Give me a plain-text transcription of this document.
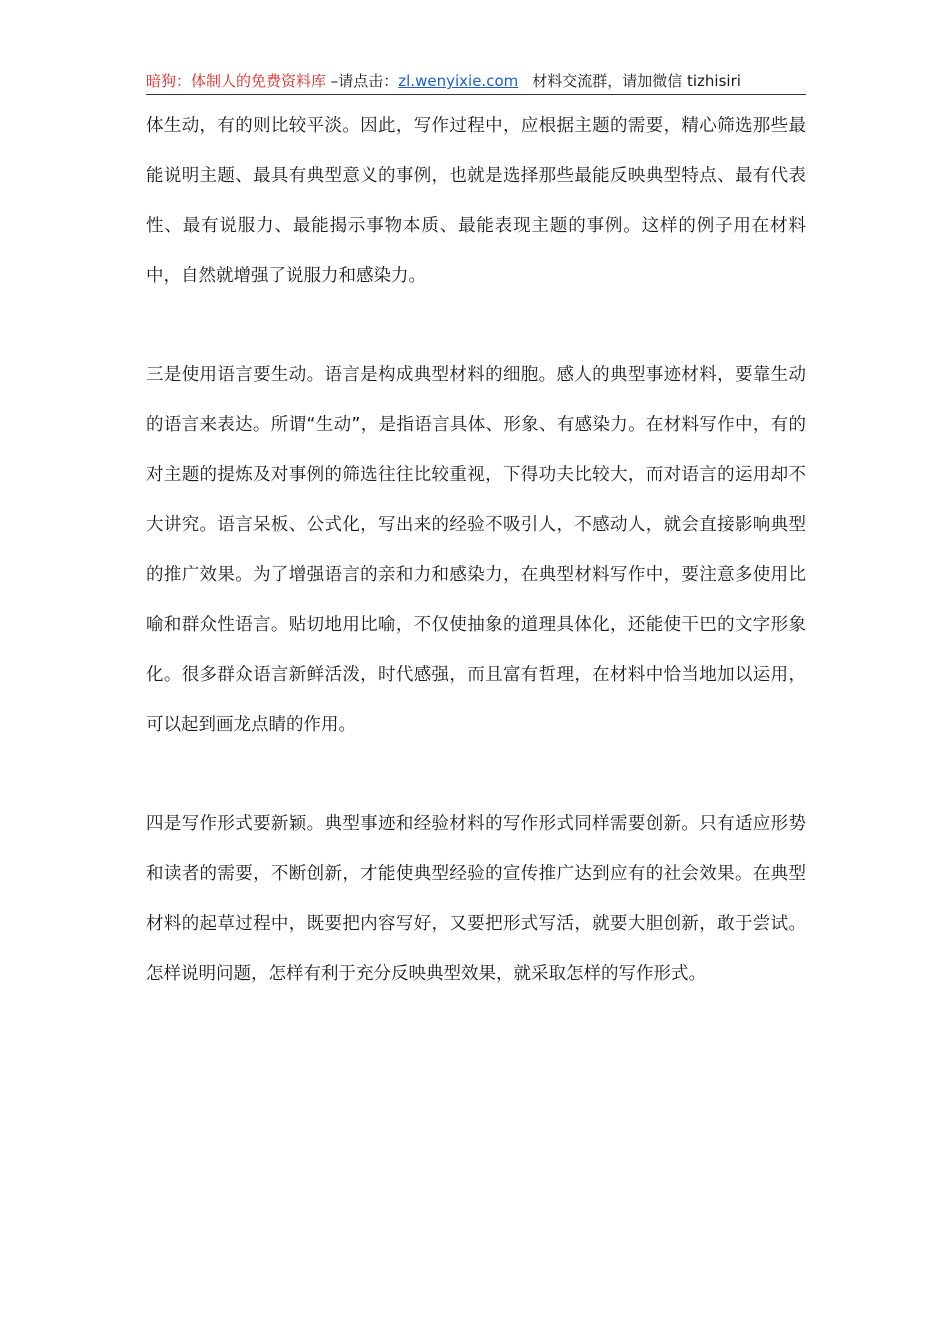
暗狗：体制人的免费资料库 –请点击：zl.wenyixie.com 材料交流群，请加微信 tizhisiri

体生动，有的则比较平淡。因此，写作过程中，应根据主题的需要，精心筛选那些最能说明主题、最具有典型意义的事例，也就是选择那些最能反映典型特点、最有代表性、最有说服力、最能揭示事物本质、最能表现主题的事例。这样的例子用在材料中，自然就增强了说服力和感染力。

三是使用语言要生动。语言是构成典型材料的细胞。感人的典型事迹材料，要靠生动的语言来表达。所谓“生动”，是指语言具体、形象、有感染力。在材料写作中，有的对主题的提炼及对事例的筛选往往比较重视，下得功夫比较大，而对语言的运用却不大讲究。语言呆板、公式化，写出来的经验不吸引人，不感动人，就会直接影响典型的推广效果。为了增强语言的亲和力和感染力，在典型材料写作中，要注意多使用比喻和群众性语言。贴切地用比喻，不仅使抽象的道理具体化，还能使干巴的文字形象化。很多群众语言新鲜活泼，时代感强，而且富有哲理，在材料中恰当地加以运用，可以起到画龙点睛的作用。

四是写作形式要新颖。典型事迹和经验材料的写作形式同样需要创新。只有适应形势和读者的需要，不断创新，才能使典型经验的宣传推广达到应有的社会效果。在典型材料的起草过程中，既要把内容写好，又要把形式写活，就要大胆创新，敢于尝试。怎样说明问题，怎样有利于充分反映典型效果，就采取怎样的写作形式。
